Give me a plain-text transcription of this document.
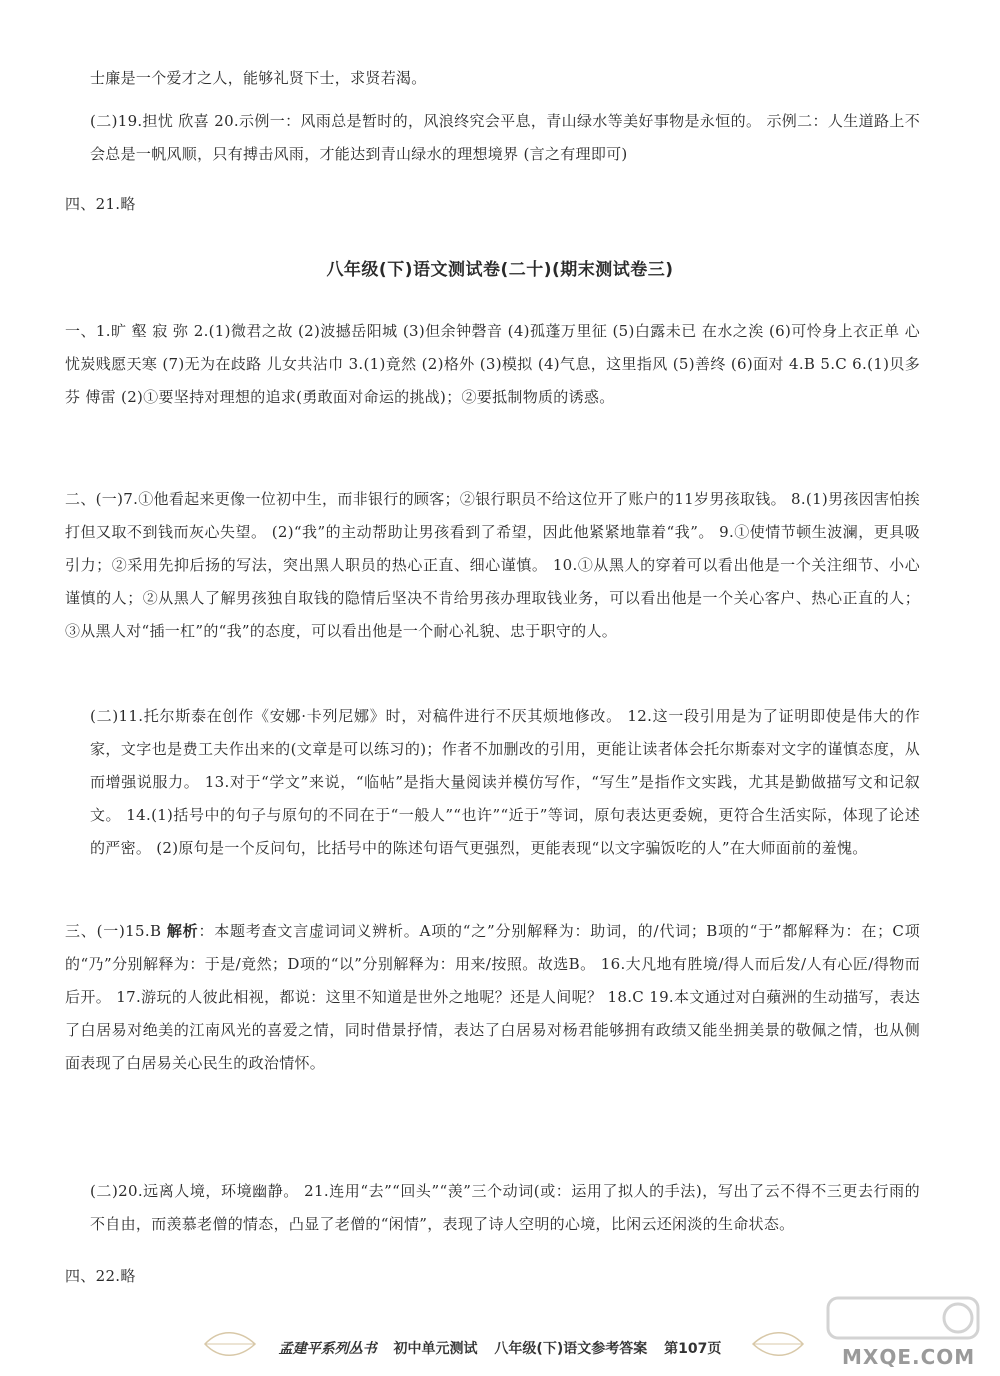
士廉是一个爱才之人，能够礼贤下士，求贤若渴。

(二)19.担忧 欣喜 20.示例一：风雨总是暂时的，风浪终究会平息，青山绿水等美好事物是永恒的。 示例二：人生道路上不会总是一帆风顺，只有搏击风雨，才能达到青山绿水的理想境界 (言之有理即可)

四、21.略

八年级(下)语文测试卷(二十)(期末测试卷三)

一、1.旷 壑 寂 弥 2.(1)微君之故 (2)波撼岳阳城 (3)但余钟磬音 (4)孤蓬万里征 (5)白露未已 在水之涘 (6)可怜身上衣正单 心忧炭贱愿天寒 (7)无为在歧路 儿女共沾巾 3.(1)竟然 (2)格外 (3)模拟 (4)气息，这里指风 (5)善终 (6)面对 4.B 5.C 6.(1)贝多芬 傅雷 (2)①要坚持对理想的追求(勇敢面对命运的挑战)；②要抵制物质的诱惑。

二、(一)7.①他看起来更像一位初中生，而非银行的顾客；②银行职员不给这位开了账户的11岁男孩取钱。 8.(1)男孩因害怕挨打但又取不到钱而灰心失望。 (2)“我”的主动帮助让男孩看到了希望，因此他紧紧地靠着“我”。 9.①使情节顿生波澜，更具吸引力；②采用先抑后扬的写法，突出黑人职员的热心正直、细心谨慎。 10.①从黑人的穿着可以看出他是一个关注细节、小心谨慎的人；②从黑人了解男孩独自取钱的隐情后坚决不肯给男孩办理取钱业务，可以看出他是一个关心客户、热心正直的人；③从黑人对“插一杠”的“我”的态度，可以看出他是一个耐心礼貌、忠于职守的人。

(二)11.托尔斯泰在创作《安娜·卡列尼娜》时，对稿件进行不厌其烦地修改。 12.这一段引用是为了证明即使是伟大的作家，文字也是费工夫作出来的(文章是可以练习的)；作者不加删改的引用，更能让读者体会托尔斯泰对文字的谨慎态度，从而增强说服力。 13.对于“学文”来说，“临帖”是指大量阅读并模仿写作，“写生”是指作文实践，尤其是勤做描写文和记叙文。 14.(1)括号中的句子与原句的不同在于“一般人”“也许”“近于”等词，原句表达更委婉，更符合生活实际，体现了论述的严密。 (2)原句是一个反问句，比括号中的陈述句语气更强烈，更能表现“以文字骗饭吃的人”在大师面前的羞愧。

三、(一)15.B 解析：本题考查文言虚词词义辨析。A项的“之”分别解释为：助词，的/代词；B项的“于”都解释为：在；C项的“乃”分别解释为：于是/竟然；D项的“以”分别解释为：用来/按照。故选B。 16.大凡地有胜境/得人而后发/人有心匠/得物而后开。 17.游玩的人彼此相视，都说：这里不知道是世外之地呢？还是人间呢？ 18.C 19.本文通过对白蘋洲的生动描写，表达了白居易对绝美的江南风光的喜爱之情，同时借景抒情，表达了白居易对杨君能够拥有政绩又能坐拥美景的敬佩之情，也从侧面表现了白居易关心民生的政治情怀。

(二)20.远离人境，环境幽静。 21.连用“去”“回头”“羡”三个动词(或：运用了拟人的手法)，写出了云不得不三更去行雨的不自由，而羡慕老僧的情态，凸显了老僧的“闲情”，表现了诗人空明的心境，比闲云还闲淡的生命状态。

四、22.略

孟建平系列丛书 初中单元测试 八年级(下)语文参考答案 第107页	MXQE.COM
